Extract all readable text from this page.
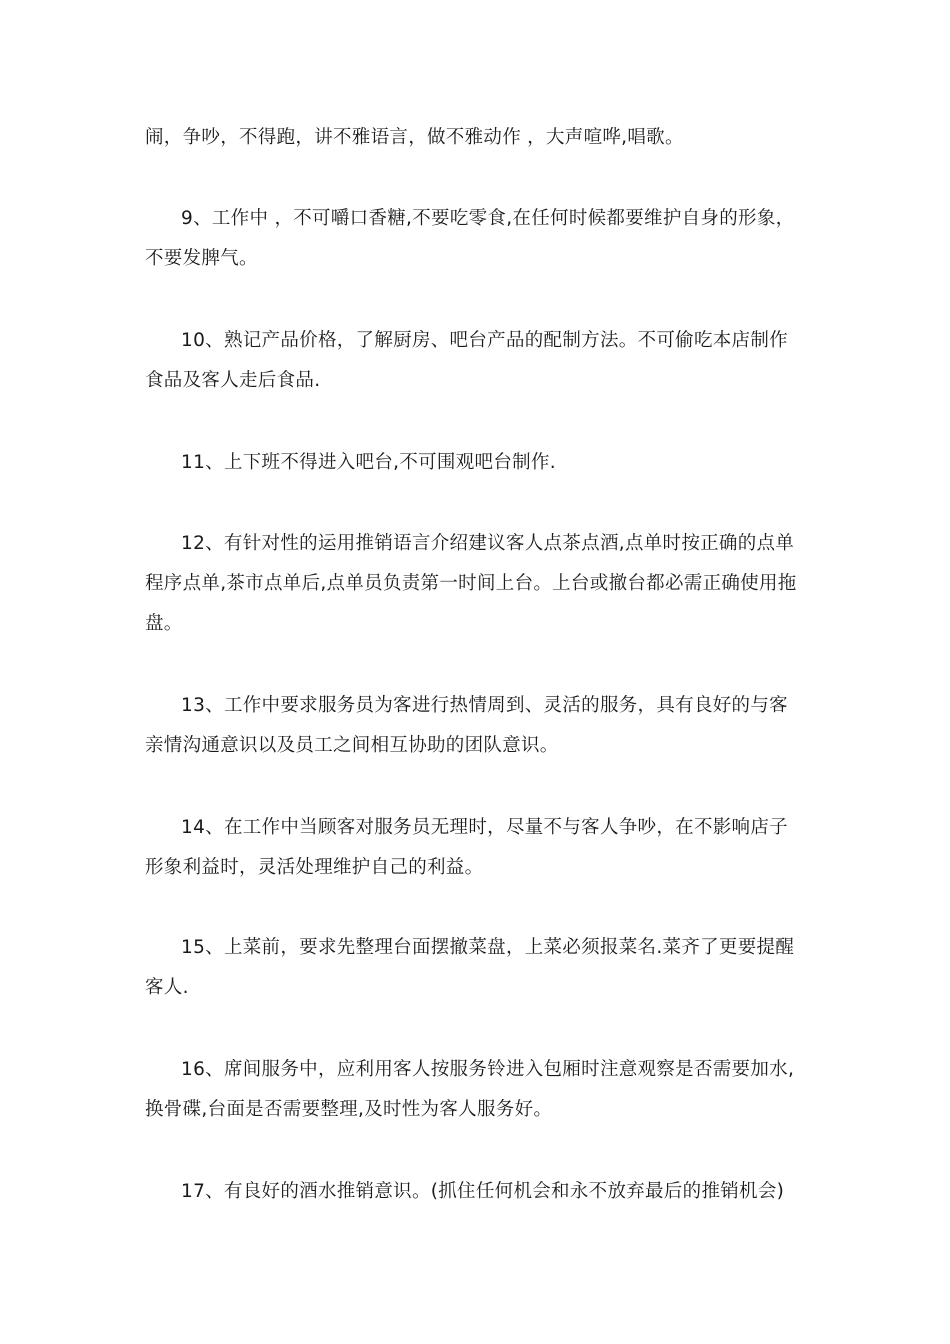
闹，争吵，不得跑，讲不雅语言，做不雅动作 ，大声喧哗,唱歌。

9、工作中 ，不可嚼口香糖,不要吃零食,在任何时候都要维护自身的形象，
不要发脾气。

10、熟记产品价格，了解厨房、吧台产品的配制方法。不可偷吃本店制作
食品及客人走后食品.

11、上下班不得进入吧台,不可围观吧台制作.

12、有针对性的运用推销语言介绍建议客人点茶点酒,点单时按正确的点单
程序点单,茶市点单后,点单员负责第一时间上台。上台或撤台都必需正确使用拖
盘。

13、工作中要求服务员为客进行热情周到、灵活的服务，具有良好的与客
亲情沟通意识以及员工之间相互协助的团队意识。

14、在工作中当顾客对服务员无理时，尽量不与客人争吵，在不影响店子
形象利益时，灵活处理维护自己的利益。

15、上菜前，要求先整理台面摆撤菜盘，上菜必须报菜名.菜齐了更要提醒
客人.

16、席间服务中，应利用客人按服务铃进入包厢时注意观察是否需要加水,
换骨碟,台面是否需要整理,及时性为客人服务好。

17、有良好的酒水推销意识。(抓住任何机会和永不放弃最后的推销机会)
